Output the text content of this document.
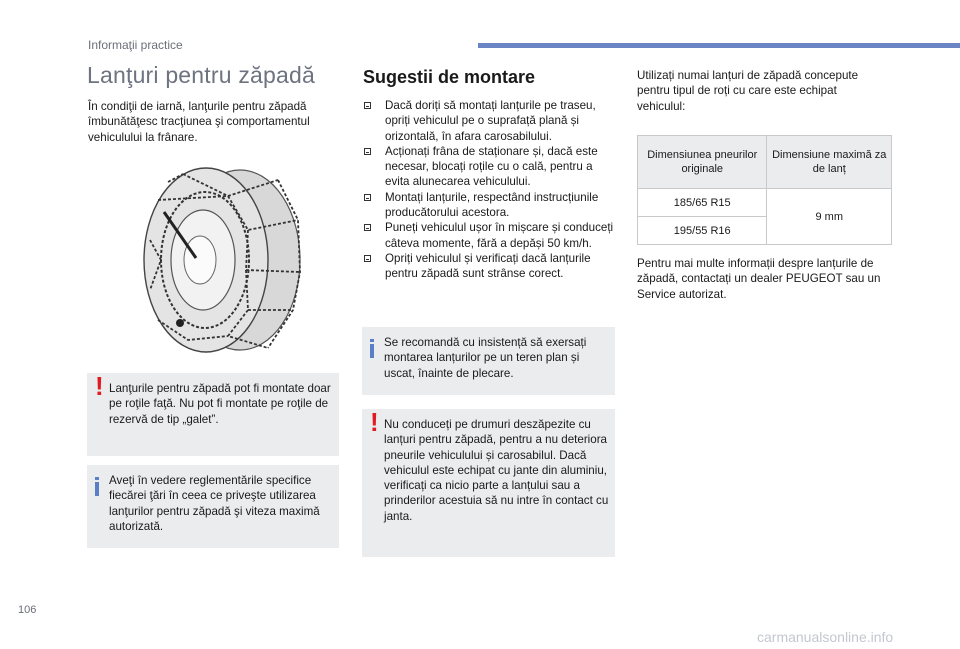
Informaţii practice
Lanţuri pentru zăpadă

În condiţii de iarnă, lanţurile pentru zăpadă îmbunătăţesc tracţiunea şi comportamentul vehiculului la frânare.

! Lanţurile pentru zăpadă pot fi montate doar pe roţile faţă. Nu pot fi montate pe roţile de rezervă de tip „galet”.

Aveţi în vedere reglementările specifice fiecărei ţări în ceea ce priveşte utilizarea lanţurilor pentru zăpadă şi viteza maximă autorizată.

Sugestii de montare
Dacă doriți să montați lanțurile pe traseu, opriți vehiculul pe o suprafață plană și orizontală, în afara carosabilului.
Acționați frâna de staționare și, dacă este necesar, blocați roțile cu o cală, pentru a evita alunecarea vehiculului.
Montați lanțurile, respectând instrucțiunile producătorului acestora.
Puneți vehiculul ușor în mișcare și conduceți câteva momente, fără a depăși 50 km/h.
Opriți vehiculul și verificați dacă lanțurile pentru zăpadă sunt strânse corect.

Se recomandă cu insistență să exersați montarea lanțurilor pe un teren plan și uscat, înainte de plecare.

! Nu conduceți pe drumuri deszăpezite cu lanțuri pentru zăpadă, pentru a nu deteriora pneurile vehiculului și carosabilul. Dacă vehiculul este echipat cu jante din aluminiu, verificați ca nicio parte a lanțului sau a prinderilor acestuia să nu intre în contact cu janta.

Utilizați numai lanțuri de zăpadă concepute pentru tipul de roți cu care este echipat vehiculul:

Dimensiunea pneurilor originale	Dimensiune maximă za de lanț
185/65 R15	9 mm
195/55 R16	

Pentru mai multe informații despre lanțurile de zăpadă, contactați un dealer PEUGEOT sau un Service autorizat.

106
carmanualsonline.info
